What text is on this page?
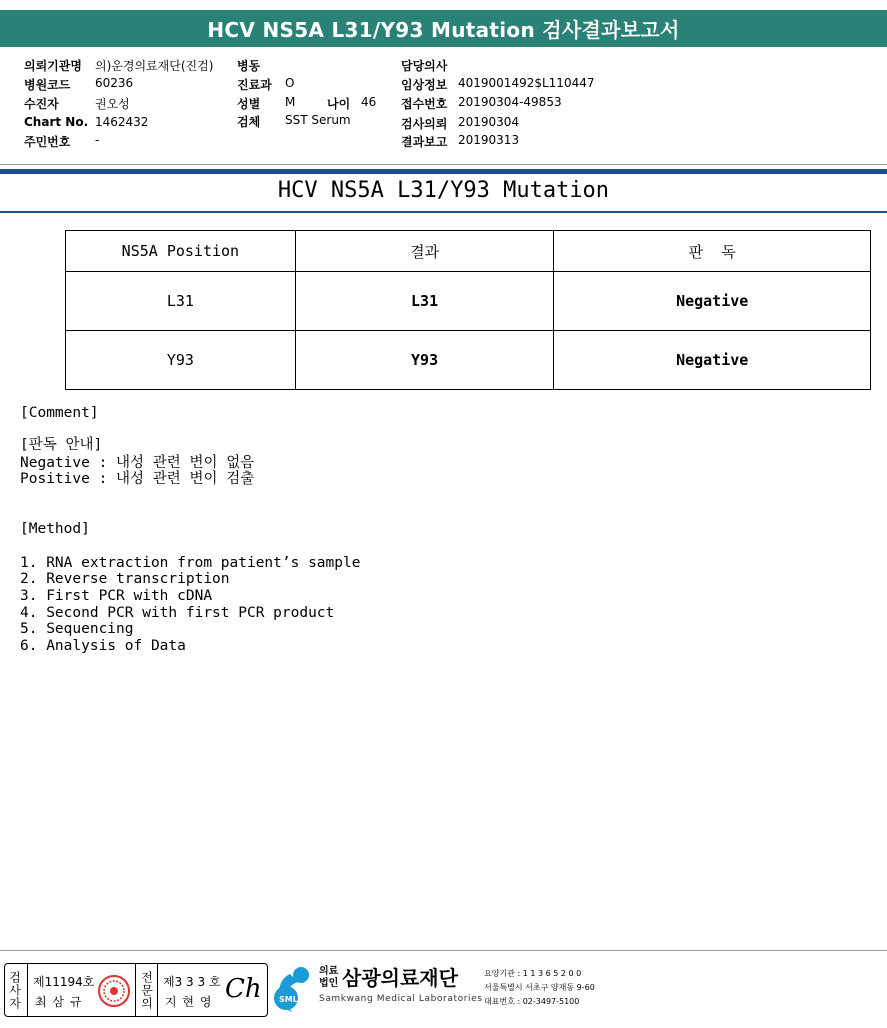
HCV NS5A L31/Y93 Mutation 검사결과보고서
의뢰기관명 의)운경의료재단(진검)
병원코드 60236
수진자	권오성
Chart No. 1462432
주민번호 -
병동
진료과 O
성별 M	나이 46
검체 SST Serum
담당의사
임상정보 4019001492$L110447
접수번호 20190304-49853
검사의뢰 20190304
결과보고 20190313
HCV NS5A L31/Y93 Mutation
NS5A Position	결과	판  독
L31	L31	Negative
Y93	Y93	Negative
[Comment]
[판독 안내]
Negative : 내성 관련 변이 없음
Positive : 내성 관련 변이 검출
[Method]
1. RNA extraction from patient’s sample
2. Reverse transcription
3. First PCR with cDNA
4. Second PCR with first PCR product
5. Sequencing
6. Analysis of Data
검사자 제11194호
최 삼 규	전문의 제3 3 3 호
지 현 영 Ch SML
의료
법인 삼광의료재단
Samkwang Medical Laboratories
요양기관 : 1 1 3 6 5 2 0 0
서울특별시 서초구 양재동 9-60
대표번호 : 02-3497-5100
